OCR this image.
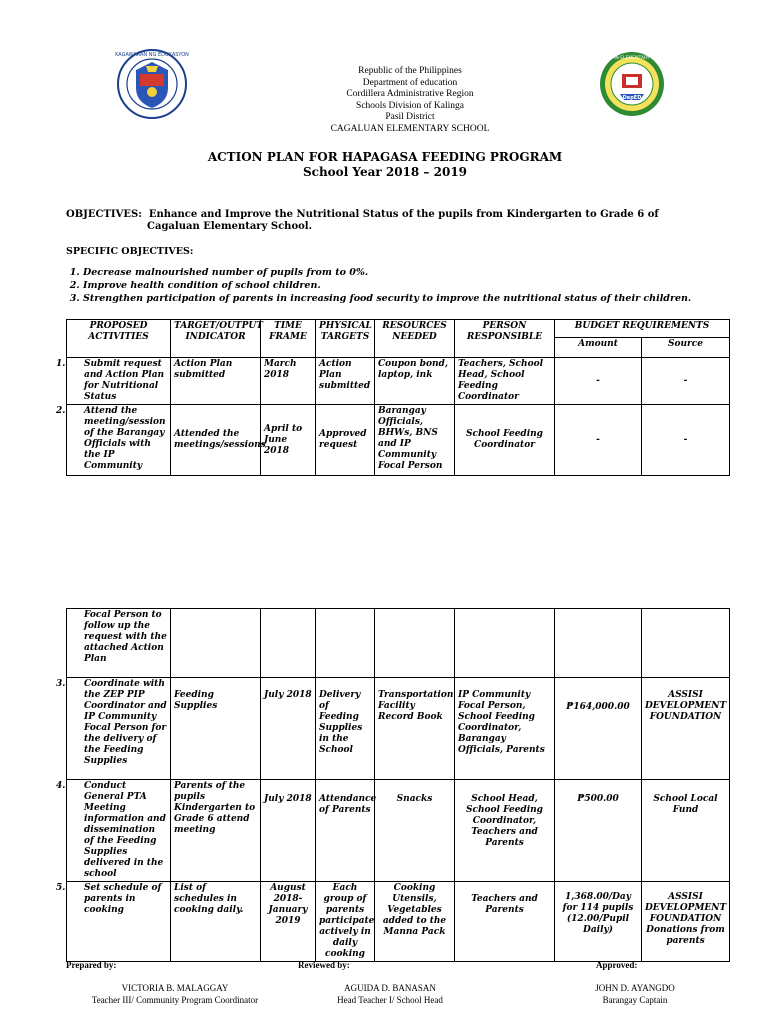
KAGAWARAN NG EDUKASYON
CAGALUAN ELEMENTARY SCHOOL
DepED
Republic of the Philippines
Department of education
Cordillera Administrative Region
Schools Division of Kalinga
Pasil District
CAGALUAN ELEMENTARY SCHOOL
ACTION PLAN FOR HAPAGASA FEEDING PROGRAM
School Year 2018 – 2019
OBJECTIVES: Enhance and Improve the Nutritional Status of the pupils from Kindergarten to Grade 6 of
Cagaluan Elementary School.
SPECIFIC OBJECTIVES:
1. Decrease malnourished number of pupils from to 0%.
2. Improve health condition of school children.
3. Strengthen participation of parents in increasing food security to improve the nutritional status of their children.
PROPOSED ACTIVITIES	TARGET/OUTPUT INDICATOR	TIME FRAME	PHYSICAL TARGETS	RESOURCES NEEDED	PERSON RESPONSIBLE	BUDGET REQUIREMENTS	
						Amount	Source

1. Submit request and Action Plan for Nutritional Status	Action Plan submitted	March 2018	Action Plan submitted	Coupon bond, laptop, ink	Teachers, School Head, School Feeding Coordinator	-	-

2. Attend the meeting/session of the Barangay Officials with the IP Community	Attended the meetings/sessions	April to June 2018	Approved request	Barangay Officials, BHWs, BNS and IP Community Focal Person	School Feeding Coordinator	-	-
Focal Person to follow up the request with the attached Action Plan							

3. Coordinate with the ZEP PIP Coordinator and IP Community Focal Person for the delivery of the Feeding Supplies	Feeding Supplies	July 2018	Delivery of Feeding Supplies in the School	Transportation Facility Record Book	IP Community Focal Person, School Feeding Coordinator, Barangay Officials, Parents	₱164,000.00	ASSISI DEVELOPMENT FOUNDATION

4. Conduct General PTA Meeting information and dissemination of the Feeding Supplies delivered in the school	Parents of the pupils Kindergarten to Grade 6 attend meeting	July 2018	Attendance of Parents	Snacks	School Head, School Feeding Coordinator, Teachers and Parents	₱500.00	School Local Fund

5. Set schedule of parents in cooking	List of schedules in cooking daily.	August 2018- January 2019	Each group of parents participate actively in daily cooking	Cooking Utensils, Vegetables added to the Manna Pack	Teachers and Parents	1,368.00/Day for 114 pupils (12.00/Pupil Daily)	ASSISI DEVELOPMENT FOUNDATION Donations from parents
Prepared by:	Reviewed by:	Approved:
VICTORIA B. MALAGGAY
Teacher III/ Community Program Coordinator
AGUIDA D. BANASAN
Head Teacher I/ School Head
JOHN D. AYANGDO
Barangay Captain
